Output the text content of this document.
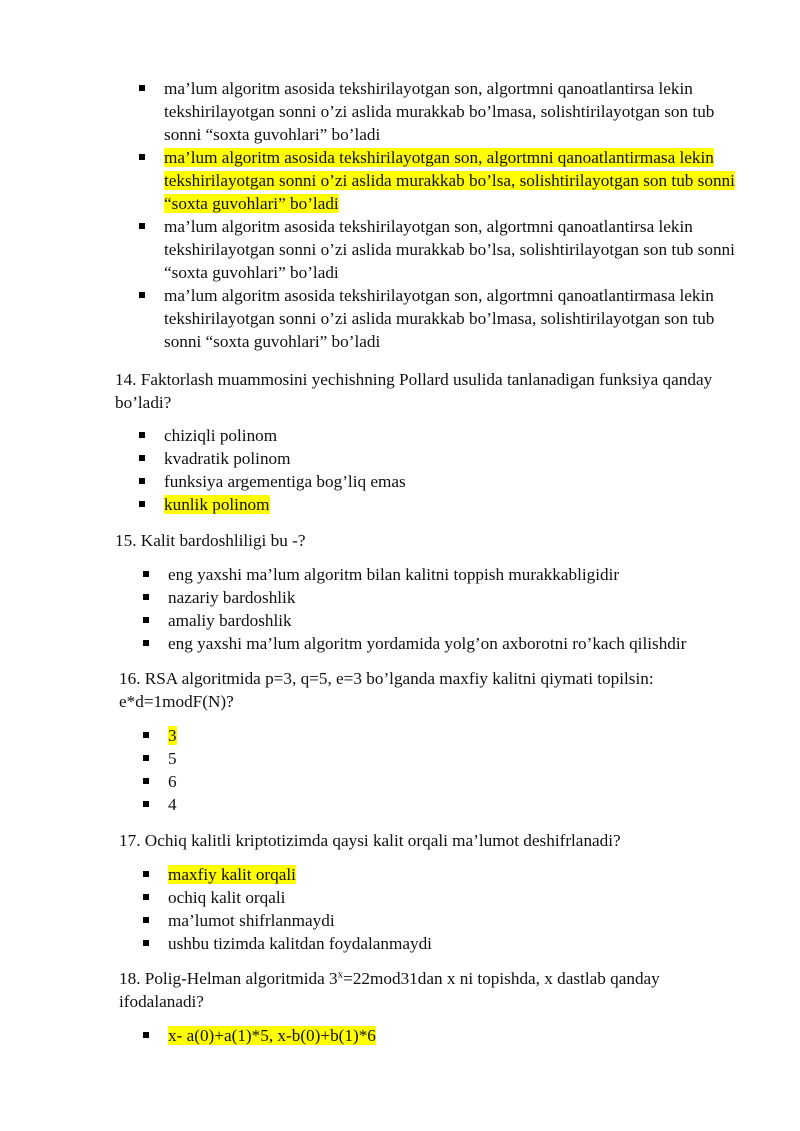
ma’lum algoritm asosida tekshirilayotgan son, algortmni qanoatlantirsa lekin tekshirilayotgan sonni o’zi aslida murakkab bo’lmasa, solishtirilayotgan son tub sonni “soxta guvohlari” bo’ladi
ma’lum algoritm asosida tekshirilayotgan son, algortmni qanoatlantirmasa lekin tekshirilayotgan sonni o’zi aslida murakkab bo’lsa, solishtirilayotgan son tub sonni “soxta guvohlari” bo’ladi
ma’lum algoritm asosida tekshirilayotgan son, algortmni qanoatlantirsa lekin tekshirilayotgan sonni o’zi aslida murakkab bo’lsa, solishtirilayotgan son tub sonni “soxta guvohlari” bo’ladi
ma’lum algoritm asosida tekshirilayotgan son, algortmni qanoatlantirmasa lekin tekshirilayotgan sonni o’zi aslida murakkab bo’lmasa, solishtirilayotgan son tub sonni “soxta guvohlari” bo’ladi

14. Faktorlash muammosini yechishning Pollard usulida tanlanadigan funksiya qanday bo’ladi?

chiziqli polinom
kvadratik polinom
funksiya argementiga bog’liq emas
kunlik polinom

15. Kalit bardoshliligi bu -?

eng yaxshi ma’lum algoritm bilan kalitni toppish murakkabligidir
nazariy bardoshlik
amaliy bardoshlik
eng yaxshi ma’lum algoritm yordamida yolg’on axborotni ro’kach qilishdir

16. RSA algoritmida p=3, q=5, e=3 bo’lganda maxfiy kalitni qiymati topilsin: e*d=1modF(N)?

3
5
6
4

17. Ochiq kalitli kriptotizimda qaysi kalit orqali ma’lumot deshifrlanadi?

maxfiy kalit orqali
ochiq kalit orqali
ma’lumot shifrlanmaydi
ushbu tizimda kalitdan foydalanmaydi

18. Polig-Helman algoritmida $3^x=22mod31dan$ x ni topishda, x dastlab qanday ifodalanadi?

x- a(0)+a(1)*5, x-b(0)+b(1)*6
